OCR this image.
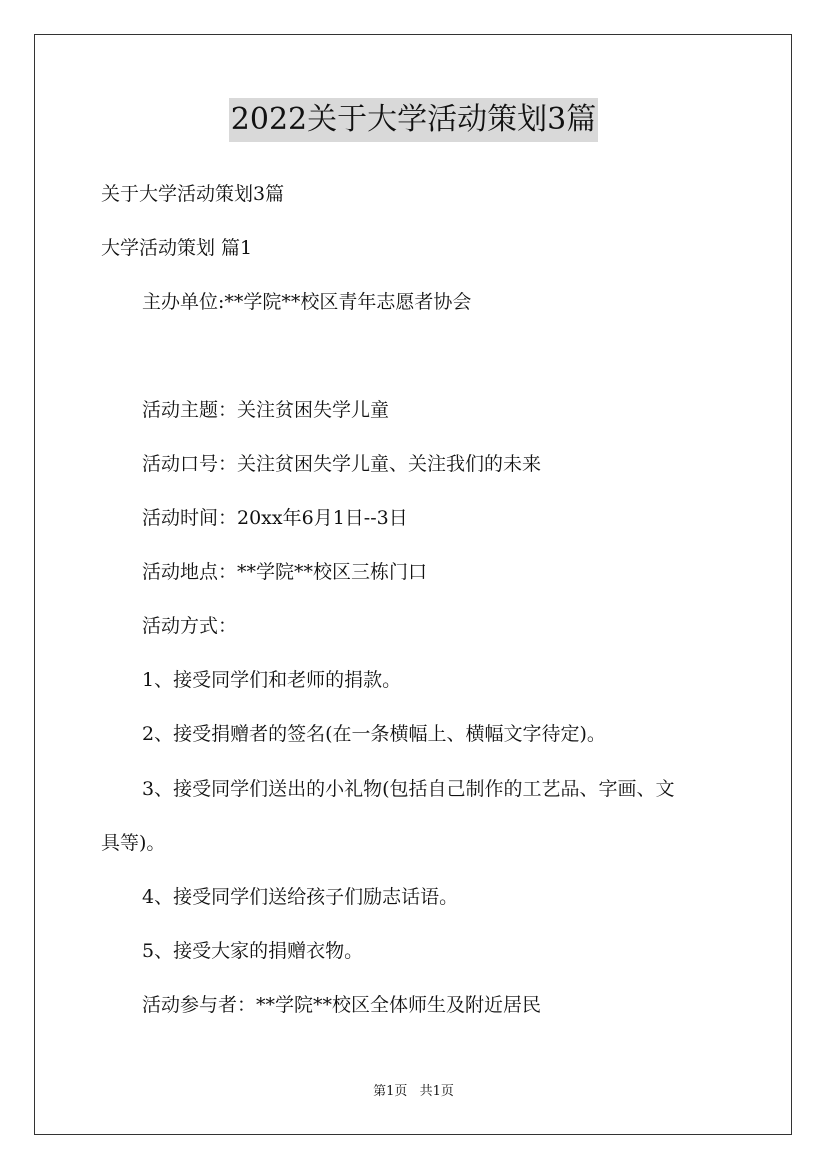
2022关于大学活动策划3篇
关于大学活动策划3篇
大学活动策划 篇1
主办单位:**学院**校区青年志愿者协会
活动主题：关注贫困失学儿童
活动口号：关注贫困失学儿童、关注我们的未来
活动时间：20xx年6月1日--3日
活动地点：**学院**校区三栋门口
活动方式：
1、接受同学们和老师的捐款。
2、接受捐赠者的签名(在一条横幅上、横幅文字待定)。
3、接受同学们送出的小礼物(包括自己制作的工艺品、字画、文
具等)。
4、接受同学们送给孩子们励志话语。
5、接受大家的捐赠衣物。
活动参与者：**学院**校区全体师生及附近居民
第1页 共1页
